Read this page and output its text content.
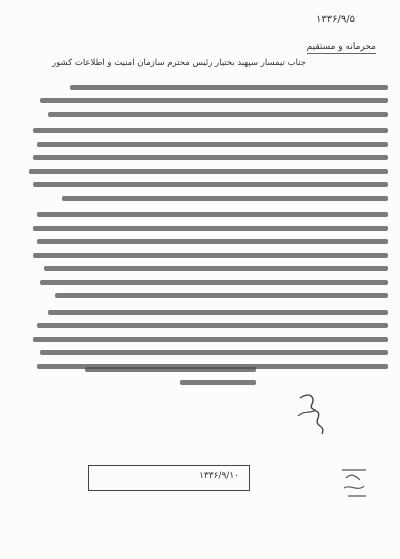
۱۳۳۶/۹/۵
محرمانه و مستقیم
جناب تیمسار سپهبد بختیار رئیس محترم سازمان امنیت و اطلاعات کشور
۱۳۳۶/۹/۱۰
